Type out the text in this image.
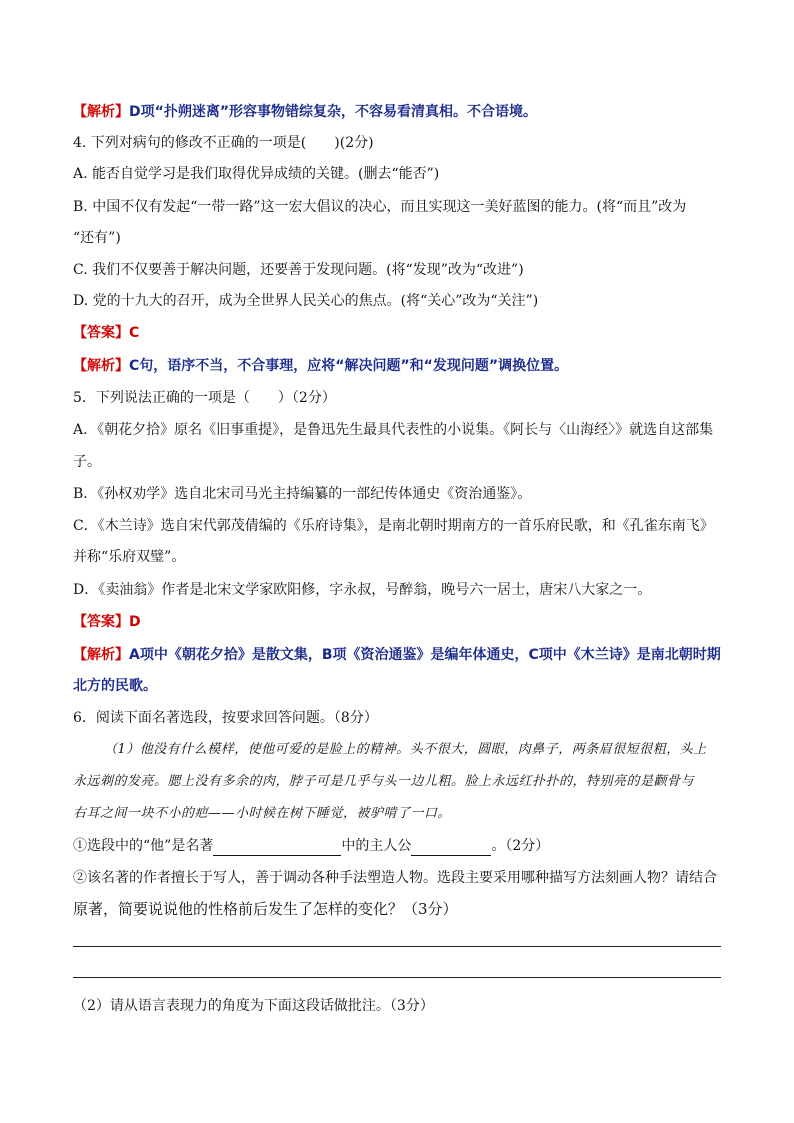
【解析】D项“扑朔迷离”形容事物错综复杂，不容易看清真相。不合语境。
4. 下列对病句的修改不正确的一项是(　　)(2分)
A. 能否自觉学习是我们取得优异成绩的关键。(删去“能否”)
B. 中国不仅有发起“一带一路”这一宏大倡议的决心，而且实现这一美好蓝图的能力。(将“而且”改为
“还有”)
C. 我们不仅要善于解决问题，还要善于发现问题。(将“发现”改为“改进”)
D. 党的十九大的召开，成为全世界人民关心的焦点。(将“关心”改为“关注”)
【答案】C
【解析】C句，语序不当，不合事理，应将“解决问题”和“发现问题”调换位置。
5．下列说法正确的一项是（　　）（2分）
A．《朝花夕拾》原名《旧事重提》，是鲁迅先生最具代表性的小说集。《阿长与〈山海经〉》就选自这部集
子。
B．《孙权劝学》选自北宋司马光主持编纂的一部纪传体通史《资治通鉴》。
C．《木兰诗》选自宋代郭茂倩编的《乐府诗集》，是南北朝时期南方的一首乐府民歌，和《孔雀东南飞》
并称“乐府双璧”。
D．《卖油翁》作者是北宋文学家欧阳修，字永叔，号醉翁，晚号六一居士，唐宋八大家之一。
【答案】D
【解析】A项中《朝花夕拾》是散文集，B项《资治通鉴》是编年体通史，C项中《木兰诗》是南北朝时期
北方的民歌。
6．阅读下面名著选段，按要求回答问题。（8分）
（1）他没有什么模样，使他可爱的是脸上的精神。头不很大，圆眼，肉鼻子，两条眉很短很粗，头上
永远剃的发亮。腮上没有多余的肉，脖子可是几乎与头一边儿粗。脸上永远红扑扑的，特别亮的是颧骨与
右耳之间一块不小的疤——小时候在树下睡觉，被驴啃了一口。
①选段中的“他”是名著	中的主人公	。（2分）
②该名著的作者擅长于写人，善于调动各种手法塑造人物。选段主要采用哪种描写方法刻画人物？请结合
原著，简要说说他的性格前后发生了怎样的变化？（3分）
（2）请从语言表现力的角度为下面这段话做批注。（3分）
